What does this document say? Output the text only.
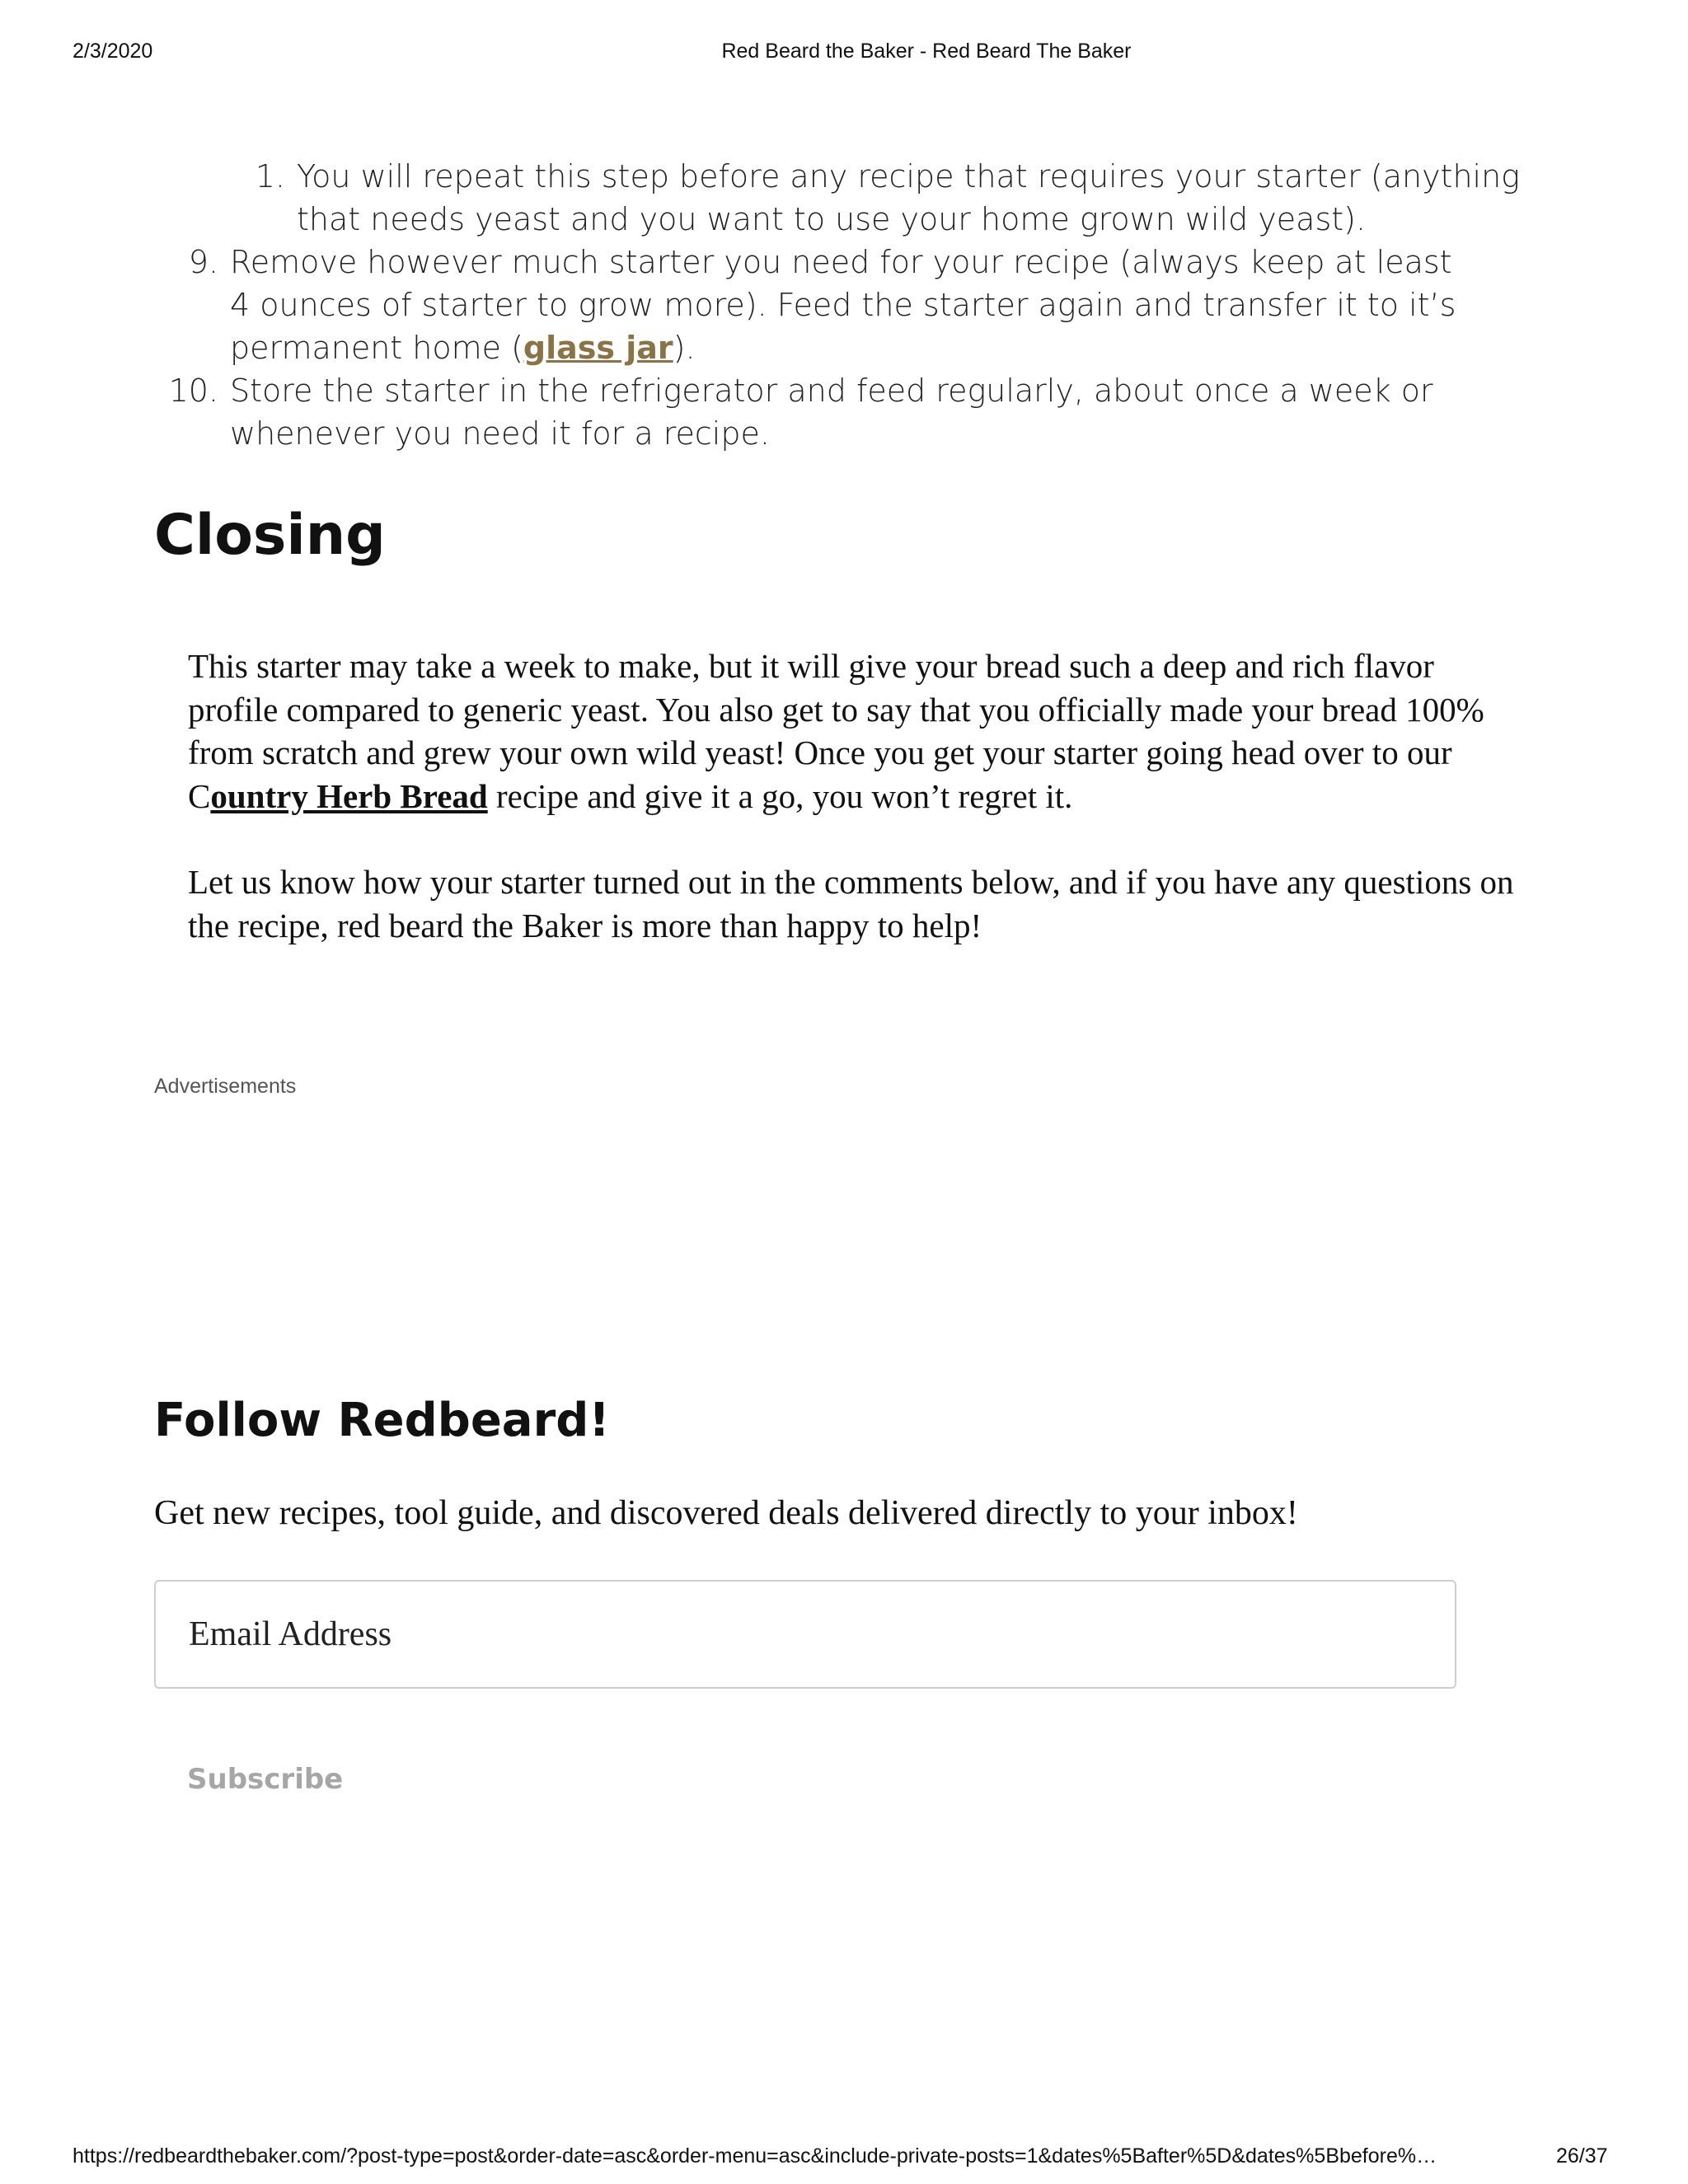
2/3/2020	Red Beard the Baker - Red Beard The Baker
1. You will repeat this step before any recipe that requires your starter (anything that needs yeast and you want to use your home grown wild yeast).
9. Remove however much starter you need for your recipe (always keep at least 4 ounces of starter to grow more). Feed the starter again and transfer it to it’s permanent home (glass jar).
10. Store the starter in the refrigerator and feed regularly, about once a week or whenever you need it for a recipe.
Closing

This starter may take a week to make, but it will give your bread such a deep and rich flavor profile compared to generic yeast. You also get to say that you officially made your bread 100% from scratch and grew your own wild yeast! Once you get your starter going head over to our Country Herb Bread recipe and give it a go, you won’t regret it.

Let us know how your starter turned out in the comments below, and if you have any questions on the recipe, red beard the Baker is more than happy to help!

Advertisements
Follow Redbeard!

Get new recipes, tool guide, and discovered deals delivered directly to your inbox!

Email Address
Subscribe
https://redbeardthebaker.com/?post-type=post&order-date=asc&order-menu=asc&include-private-posts=1&dates%5Bafter%5D&dates%5Bbefore%…	26/37
